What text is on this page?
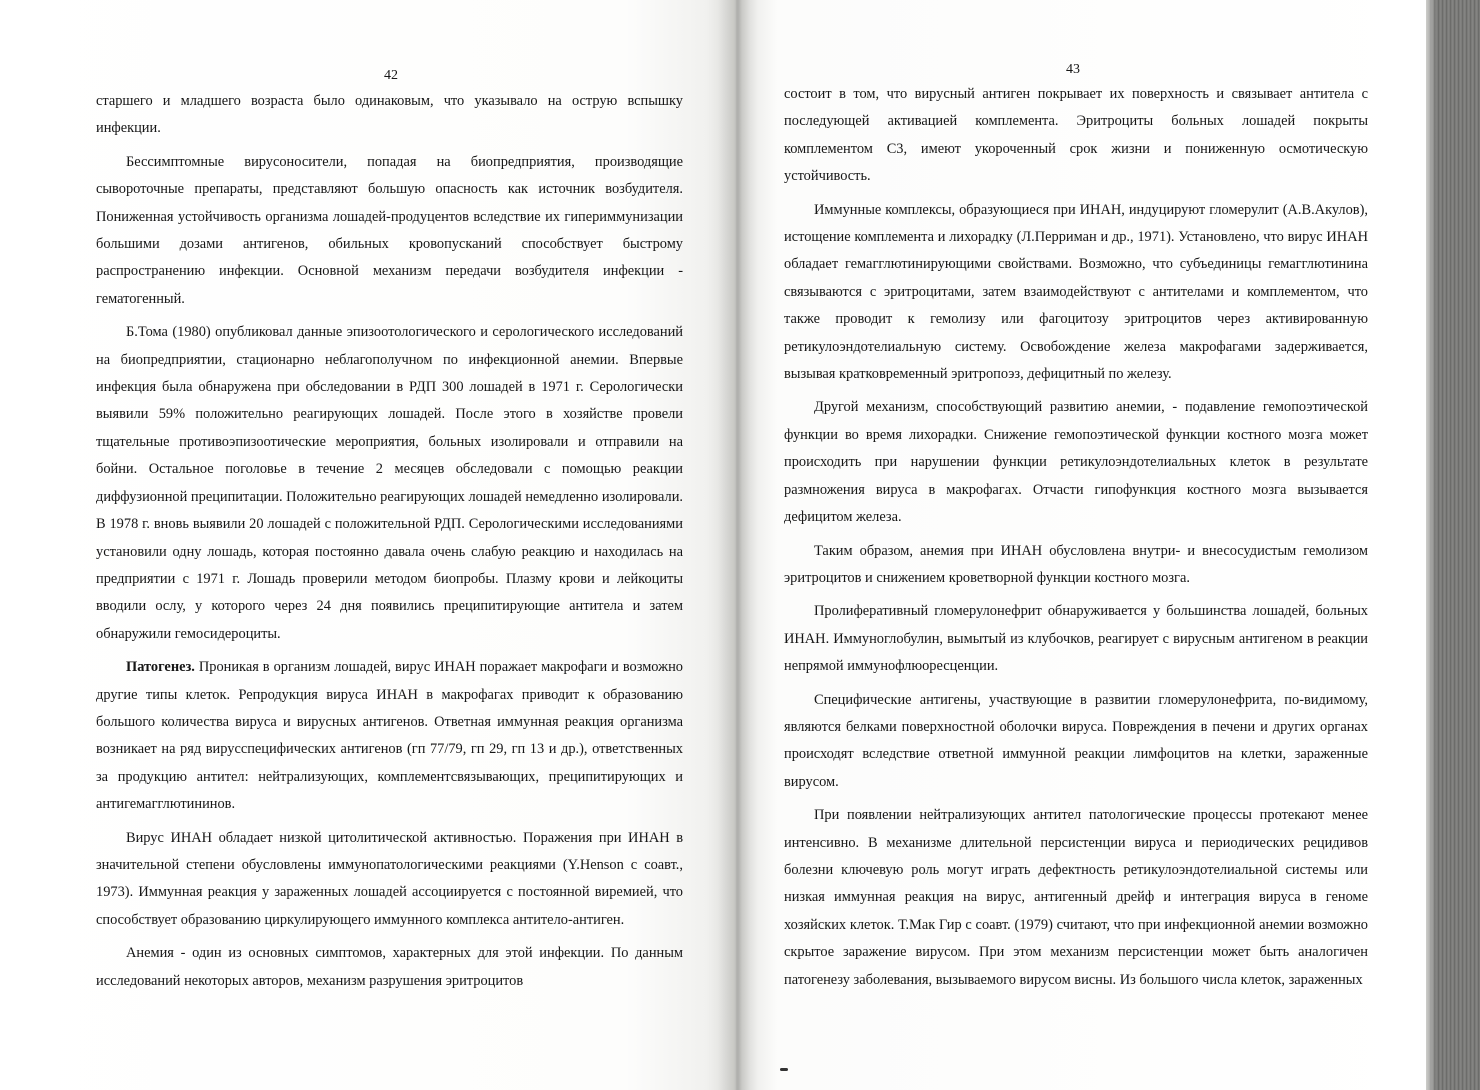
42

старшего и младшего возраста было одинаковым, что указывало на острую вспышку инфекции.

Бессимптомные вирусоносители, попадая на биопредприятия, производящие сывороточные препараты, представляют большую опасность как источник возбудителя. Пониженная устойчивость организма лошадей-продуцентов вследствие их гипериммунизации большими дозами антигенов, обильных кровопусканий способствует быстрому распространению инфекции. Основной механизм передачи возбудителя инфекции - гематогенный.

Б.Тома (1980) опубликовал данные эпизоотологического и серологического исследований на биопредприятии, стационарно неблагополучном по инфекционной анемии. Впервые инфекция была обнаружена при обследовании в РДП 300 лошадей в 1971 г. Серологически выявили 59% положительно реагирующих лошадей. После этого в хозяйстве провели тщательные противоэпизоотические мероприятия, больных изолировали и отправили на бойни. Остальное поголовье в течение 2 месяцев обследовали с помощью реакции диффузионной преципитации. Положительно реагирующих лошадей немедленно изолировали. В 1978 г. вновь выявили 20 лошадей с положительной РДП. Серологическими исследованиями установили одну лошадь, которая постоянно давала очень слабую реакцию и находилась на предприятии с 1971 г. Лошадь проверили методом биопробы. Плазму крови и лейкоциты вводили ослу, у которого через 24 дня появились преципитирующие антитела и затем обнаружили гемосидероциты.

Патогенез. Проникая в организм лошадей, вирус ИНАН поражает макрофаги и возможно другие типы клеток. Репродукция вируса ИНАН в макрофагах приводит к образованию большого количества вируса и вирусных антигенов. Ответная иммунная реакция организма возникает на ряд вирусспецифических антигенов (гп 77/79, гп 29, гп 13 и др.), ответственных за продукцию антител: нейтрализующих, комплементсвязывающих, преципитирующих и антигемагглютининов.

Вирус ИНАН обладает низкой цитолитической активностью. Поражения при ИНАН в значительной степени обусловлены иммунопатологическими реакциями (Y.Henson с соавт., 1973). Иммунная реакция у зараженных лошадей ассоциируется с постоянной виремией, что способствует образованию циркулирующего иммунного комплекса антитело-антиген.

Анемия - один из основных симптомов, характерных для этой инфекции. По данным исследований некоторых авторов, механизм разрушения эритроцитов

43

состоит в том, что вирусный антиген покрывает их поверхность и связывает антитела с последующей активацией комплемента. Эритроциты больных лошадей покрыты комплементом С3, имеют укороченный срок жизни и пониженную осмотическую устойчивость.

Иммунные комплексы, образующиеся при ИНАН, индуцируют гломерулит (А.В.Акулов), истощение комплемента и лихорадку (Л.Перриман и др., 1971). Установлено, что вирус ИНАН обладает гемагглютинирующими свойствами. Возможно, что субъединицы гемагглютинина связываются с эритроцитами, затем взаимодействуют с антителами и комплементом, что также проводит к гемолизу или фагоцитозу эритроцитов через активированную ретикулоэндотелиальную систему. Освобождение железа макрофагами задерживается, вызывая кратковременный эритропоэз, дефицитный по железу.

Другой механизм, способствующий развитию анемии, - подавление гемопоэтической функции во время лихорадки. Снижение гемопоэтической функции костного мозга может происходить при нарушении функции ретикулоэндотелиальных клеток в результате размножения вируса в макрофагах. Отчасти гипофункция костного мозга вызывается дефицитом железа.

Таким образом, анемия при ИНАН обусловлена внутри- и внесосудистым гемолизом эритроцитов и снижением кроветворной функции костного мозга.

Пролиферативный гломерулонефрит обнаруживается у большинства лошадей, больных ИНАН. Иммуноглобулин, вымытый из клубочков, реагирует с вирусным антигеном в реакции непрямой иммунофлюоресценции.

Специфические антигены, участвующие в развитии гломерулонефрита, по-видимому, являются белками поверхностной оболочки вируса. Повреждения в печени и других органах происходят вследствие ответной иммунной реакции лимфоцитов на клетки, зараженные вирусом.

При появлении нейтрализующих антител патологические процессы протекают менее интенсивно. В механизме длительной персистенции вируса и периодических рецидивов болезни ключевую роль могут играть дефектность ретикулоэндотелиальной системы или низкая иммунная реакция на вирус, антигенный дрейф и интеграция вируса в геноме хозяйских клеток. Т.Мак Гир с соавт. (1979) считают, что при инфекционной анемии возможно скрытое заражение вирусом. При этом механизм персистенции может быть аналогичен патогенезу заболевания, вызываемого вирусом висны. Из большого числа клеток, зараженных
